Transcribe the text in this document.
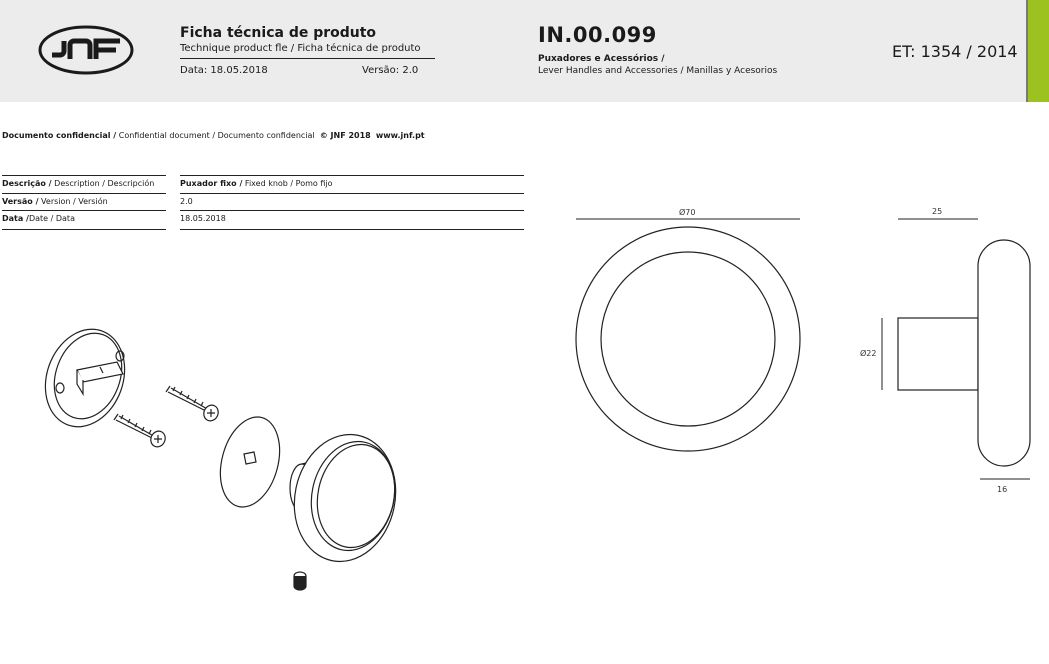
Ficha técnica de produto
Technique product fle / Ficha técnica de produto
Data: 18.05.2018	Versão: 2.0
IN.00.099
Puxadores e Acessórios /
Lever Handles and Accessories / Manillas y Acesorios
ET: 1354 / 2014
Documento confidencial / Confidential document / Documento confidencial © JNF 2018 www.jnf.pt
Descrição / Description / Descripción	Puxador fixo / Fixed knob / Pomo fijo
Versão / Version / Versión	2.0
Data /Date / Data	18.05.2018
Ø70	25
Ø22
16
